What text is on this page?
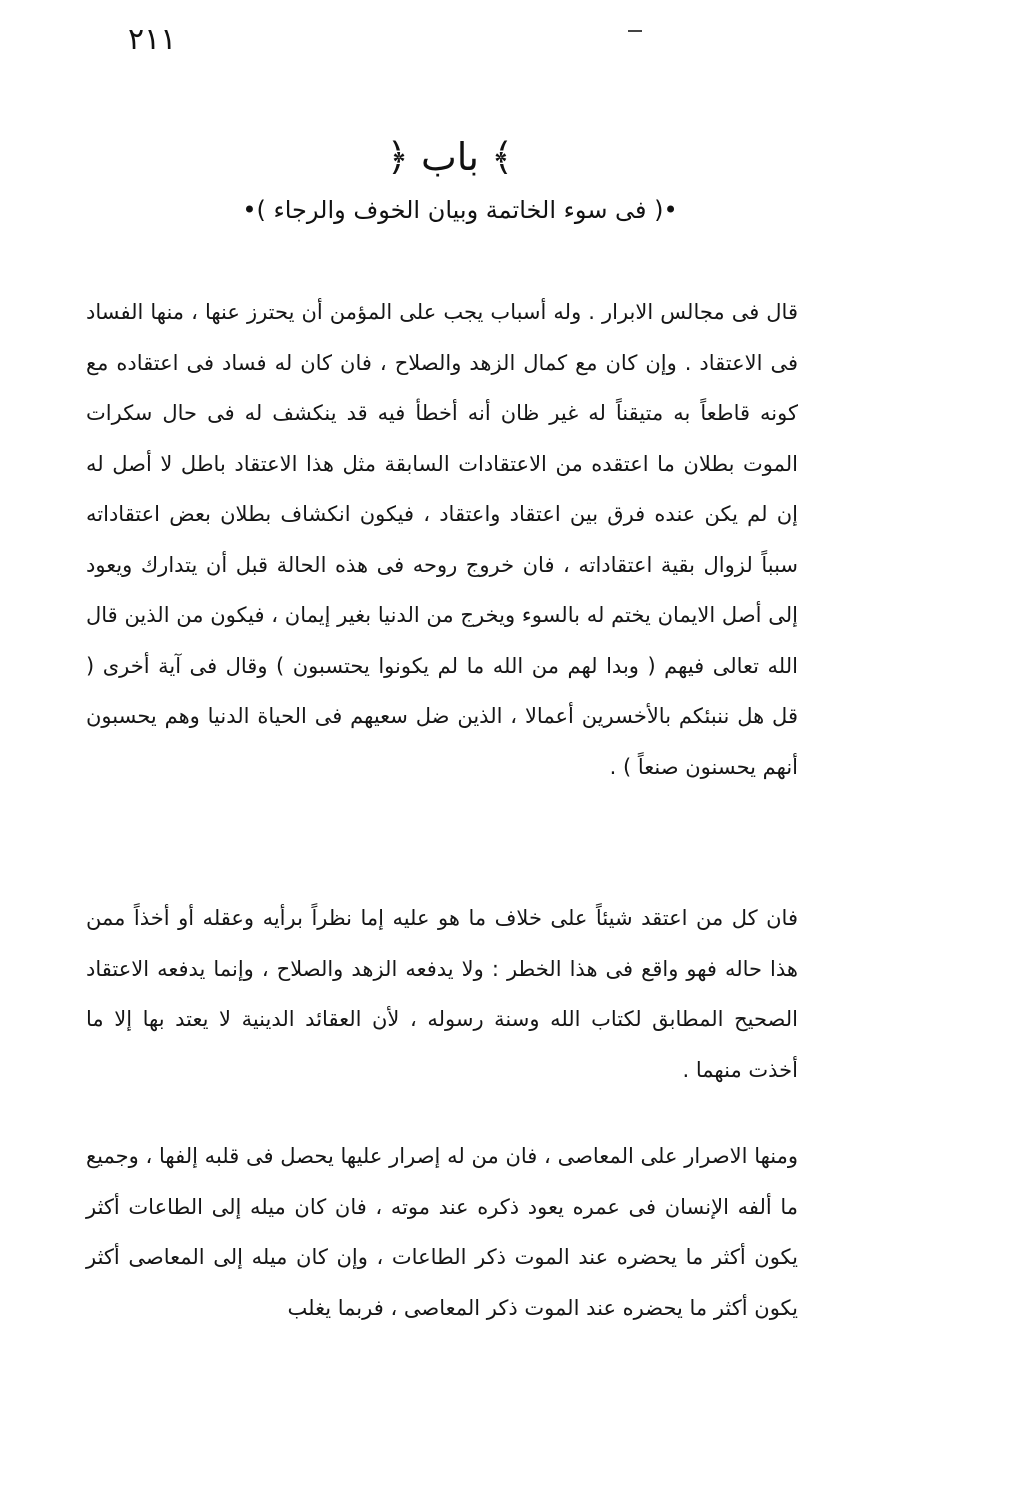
٢١١
﴿ باب ﴾
•( فى سوء الخاتمة وبيان الخوف والرجاء )•

قال فى مجالس الابرار . وله أسباب يجب على المؤمن أن يحترز عنها ، منها الفساد فى الاعتقاد . وإن كان مع كمال الزهد والصلاح ، فان كان له فساد فى اعتقاده مع كونه قاطعاً به متيقناً له غير ظان أنه أخطأ فيه قد ينكشف له فى حال سكرات الموت بطلان ما اعتقده من الاعتقادات السابقة مثل هذا الاعتقاد باطل لا أصل له إن لم يكن عنده فرق بين اعتقاد واعتقاد ، فيكون انكشاف بطلان بعض اعتقاداته سبباً لزوال بقية اعتقاداته ، فان خروج روحه فى هذه الحالة قبل أن يتدارك ويعود إلى أصل الايمان يختم له بالسوء ويخرج من الدنيا بغير إيمان ، فيكون من الذين قال الله تعالى فيهم ( وبدا لهم من الله ما لم يكونوا يحتسبون ) وقال فى آية أخرى ( قل هل ننبئكم بالأخسرين أعمالا ، الذين ضل سعيهم فى الحياة الدنيا وهم يحسبون أنهم يحسنون صنعاً ) .

فان كل من اعتقد شيئاً على خلاف ما هو عليه إما نظراً برأيه وعقله أو أخذاً ممن هذا حاله فهو واقع فى هذا الخطر : ولا يدفعه الزهد والصلاح ، وإنما يدفعه الاعتقاد الصحيح المطابق لكتاب الله وسنة رسوله ، لأن العقائد الدينية لا يعتد بها إلا ما أخذت منهما .

ومنها الاصرار على المعاصى ، فان من له إصرار عليها يحصل فى قلبه إلفها ، وجميع ما ألفه الإنسان فى عمره يعود ذكره عند موته ، فان كان ميله إلى الطاعات أكثر يكون أكثر ما يحضره عند الموت ذكر الطاعات ، وإن كان ميله إلى المعاصى أكثر يكون أكثر ما يحضره عند الموت ذكر المعاصى ، فربما يغلب
